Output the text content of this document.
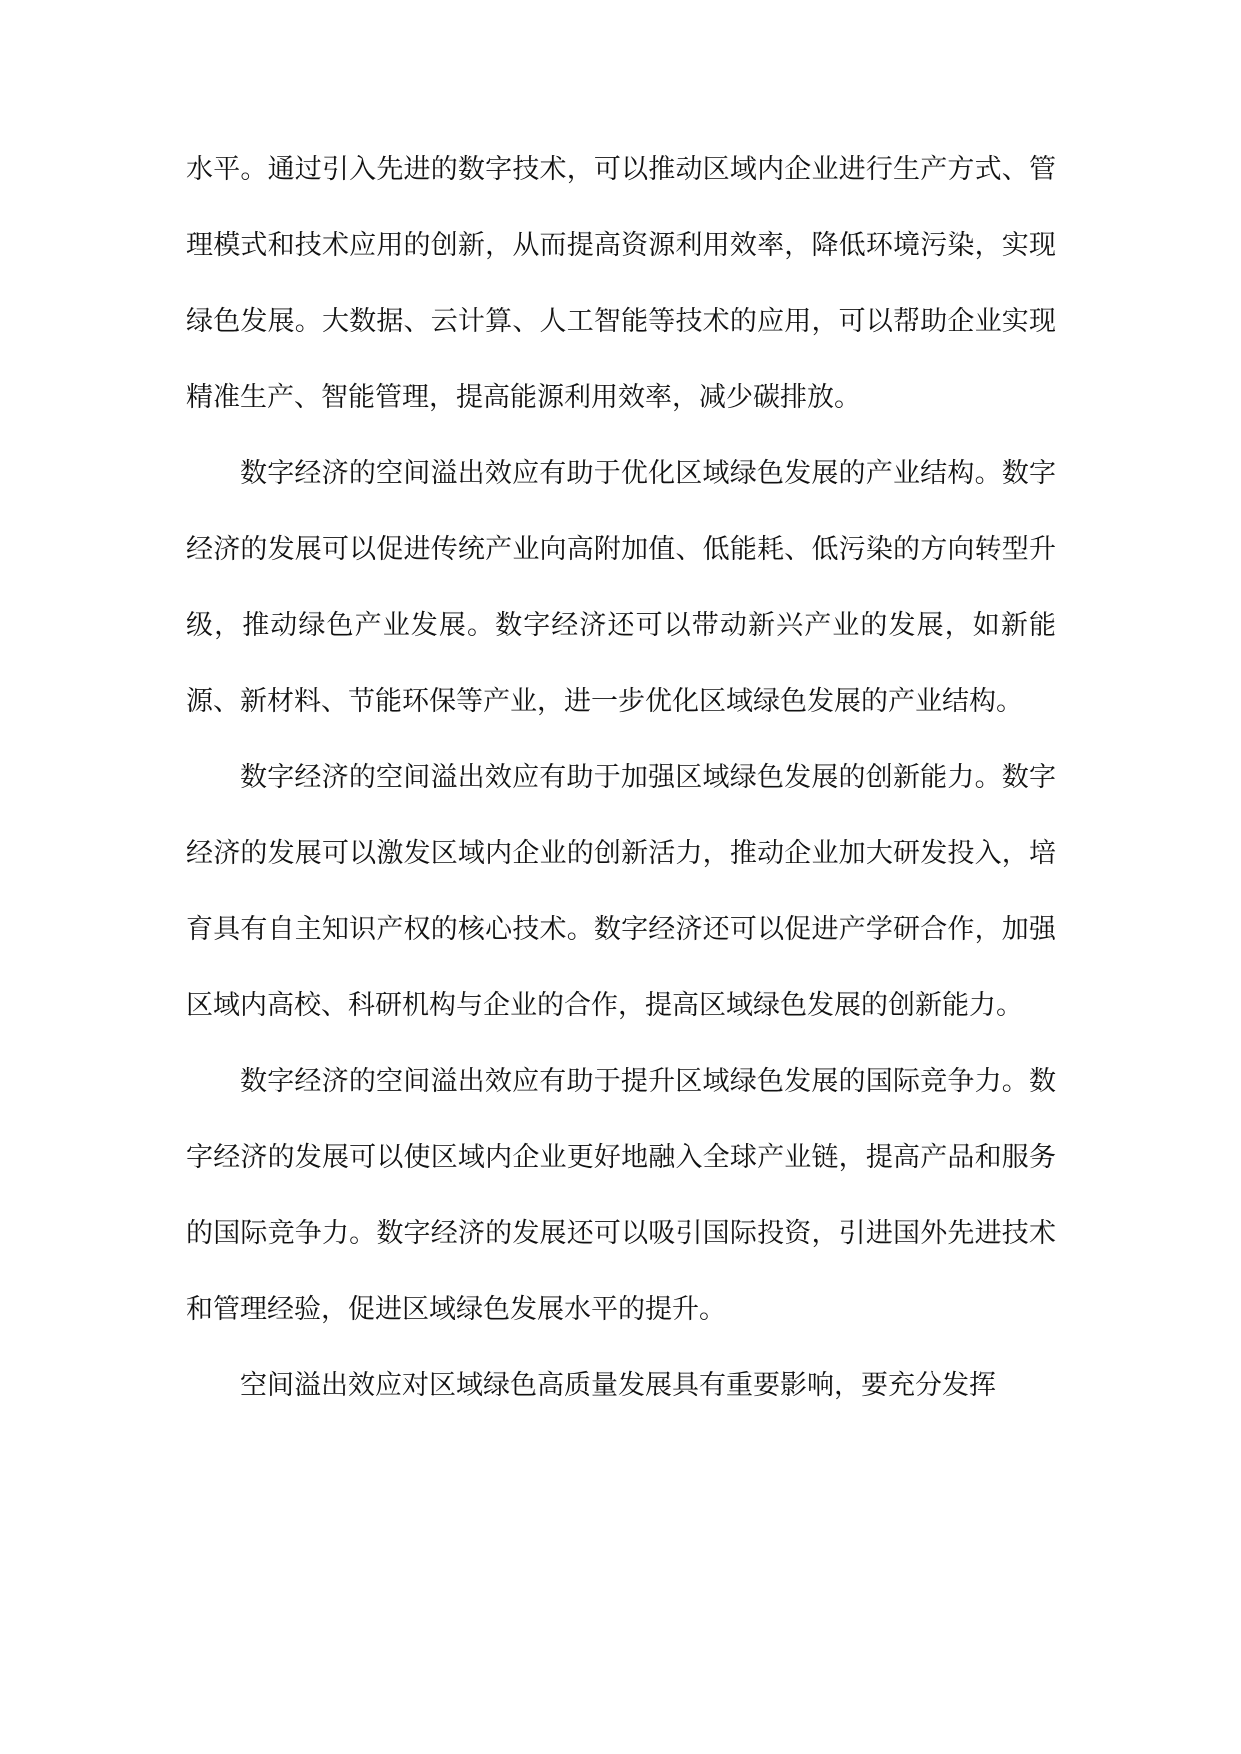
水平。通过引入先进的数字技术，可以推动区域内企业进行生产方式、管理模式和技术应用的创新，从而提高资源利用效率，降低环境污染，实现绿色发展。大数据、云计算、人工智能等技术的应用，可以帮助企业实现精准生产、智能管理，提高能源利用效率，减少碳排放。

数字经济的空间溢出效应有助于优化区域绿色发展的产业结构。数字经济的发展可以促进传统产业向高附加值、低能耗、低污染的方向转型升级，推动绿色产业发展。数字经济还可以带动新兴产业的发展，如新能源、新材料、节能环保等产业，进一步优化区域绿色发展的产业结构。

数字经济的空间溢出效应有助于加强区域绿色发展的创新能力。数字经济的发展可以激发区域内企业的创新活力，推动企业加大研发投入，培育具有自主知识产权的核心技术。数字经济还可以促进产学研合作，加强区域内高校、科研机构与企业的合作，提高区域绿色发展的创新能力。

数字经济的空间溢出效应有助于提升区域绿色发展的国际竞争力。数字经济的发展可以使区域内企业更好地融入全球产业链，提高产品和服务的国际竞争力。数字经济的发展还可以吸引国际投资，引进国外先进技术和管理经验，促进区域绿色发展水平的提升。

空间溢出效应对区域绿色高质量发展具有重要影响，要充分发挥
